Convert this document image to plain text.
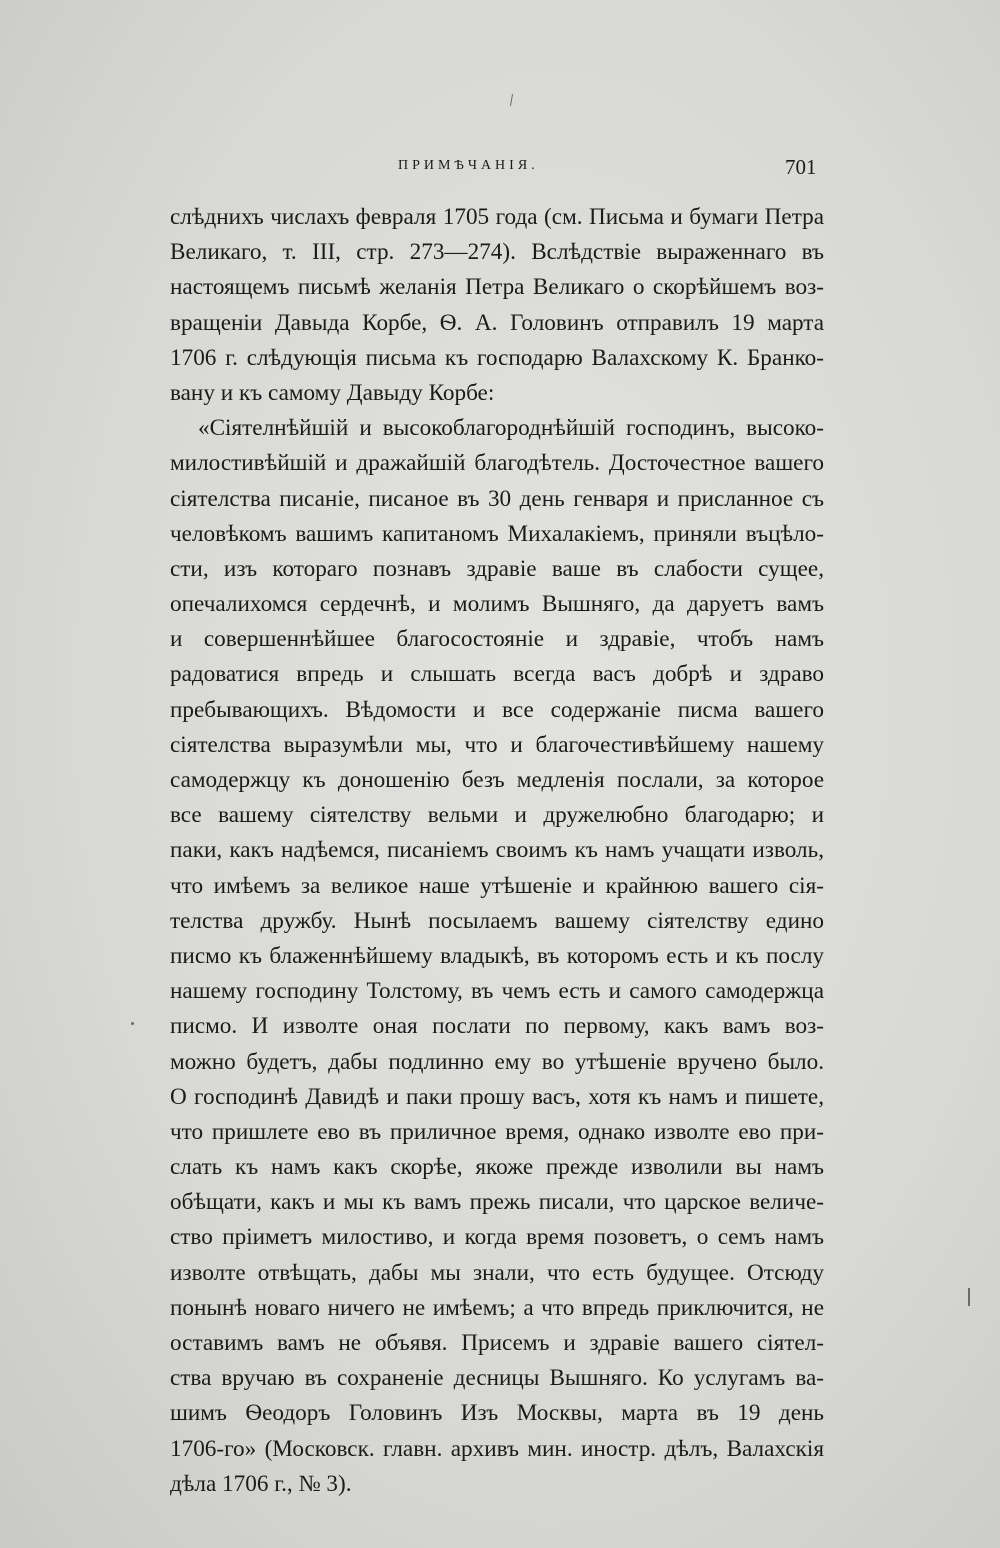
ПРИМѢЧАНІЯ.	701
слѣднихъ числахъ февраля 1705 года (см. Письма и бумаги Петра
Великаго, т. III, стр. 273—274). Вслѣдствіе выраженнаго въ
настоящемъ письмѣ желанія Петра Великаго о скорѣйшемъ воз-
вращеніи Давыда Корбе, Ѳ. А. Головинъ отправилъ 19 марта
1706 г. слѣдующія письма къ господарю Валахскому К. Бранко-
вану и къ самому Давыду Корбе:
«Сіятелнѣйшій и высокоблагороднѣйшій господинъ, высоко-
милостивѣйшій и дражайшій благодѣтель. Досточестное вашего
сіятелства писаніе, писаное въ 30 день генваря и присланное съ
человѣкомъ вашимъ капитаномъ Михалакіемъ, приняли въцѣло-
сти, изъ котораго познавъ здравіе ваше въ слабости сущее,
опечалихомся сердечнѣ, и молимъ Вышняго, да даруетъ вамъ
и совершеннѣйшее благосостояніе и здравіе, чтобъ намъ
радоватися впредь и слышать всегда васъ добрѣ и здраво
пребывающихъ. Вѣдомости и все содержаніе писма вашего
сіятелства выразумѣли мы, что и благочестивѣйшему нашему
самодержцу къ доношенію безъ медленія послали, за которое
все вашему сіятелству вельми и дружелюбно благодарю; и
паки, какъ надѣемся, писаніемъ своимъ къ намъ учащати изволь,
что имѣемъ за великое наше утѣшеніе и крайнюю вашего сія-
телства дружбу. Нынѣ посылаемъ вашему сіятелству едино
писмо къ блаженнѣйшему владыкѣ, въ которомъ есть и къ послу
нашему господину Толстому, въ чемъ есть и самого самодержца
писмо. И изволте оная послати по первому, какъ вамъ воз-
можно будетъ, дабы подлинно ему во утѣшеніе вручено было.
О господинѣ Давидѣ и паки прошу васъ, хотя къ намъ и пишете,
что пришлете ево въ приличное время, однако изволте ево при-
слать къ намъ какъ скорѣе, якоже прежде изволили вы намъ
обѣщати, какъ и мы къ вамъ прежь писали, что царское величе-
ство пріиметъ милостиво, и когда время позоветъ, о семъ намъ
изволте отвѣщать, дабы мы знали, что есть будущее. Отсюду
понынѣ новаго ничего не имѣемъ; а что впредь приключится, не
оставимъ вамъ не объявя. Присемъ и здравіе вашего сіятел-
ства вручаю въ сохраненіе десницы Вышняго. Ко услугамъ ва-
шимъ Ѳеодоръ Головинъ Изъ Москвы, марта въ 19 день
1706-го» (Московск. главн. архивъ мин. иностр. дѣлъ, Валахскія
дѣла 1706 г., № 3).
